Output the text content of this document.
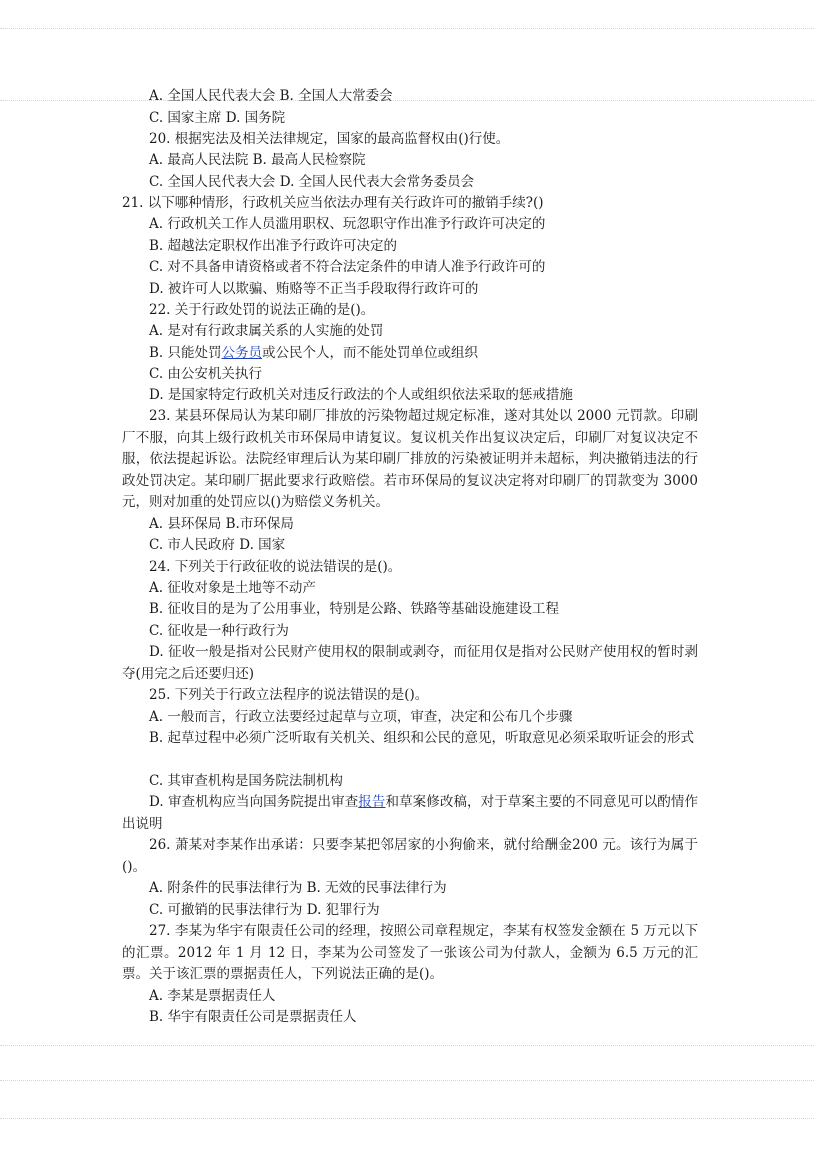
A. 全国人民代表大会 B. 全国人大常委会
C. 国家主席 D. 国务院
20. 根据宪法及相关法律规定，国家的最高监督权由()行使。
A. 最高人民法院 B. 最高人民检察院
C. 全国人民代表大会 D. 全国人民代表大会常务委员会
21. 以下哪种情形，行政机关应当依法办理有关行政许可的撤销手续?()
A. 行政机关工作人员滥用职权、玩忽职守作出准予行政许可决定的
B. 超越法定职权作出准予行政许可决定的
C. 对不具备申请资格或者不符合法定条件的申请人准予行政许可的
D. 被许可人以欺骗、贿赂等不正当手段取得行政许可的
22. 关于行政处罚的说法正确的是()。
A. 是对有行政隶属关系的人实施的处罚
B. 只能处罚公务员或公民个人，而不能处罚单位或组织
C. 由公安机关执行
D. 是国家特定行政机关对违反行政法的个人或组织依法采取的惩戒措施
23. 某县环保局认为某印刷厂排放的污染物超过规定标准，遂对其处以 2000 元罚款。印刷厂不服，向其上级行政机关市环保局申请复议。复议机关作出复议决定后，印刷厂对复议决定不服，依法提起诉讼。法院经审理后认为某印刷厂排放的污染被证明并未超标，判决撤销违法的行政处罚决定。某印刷厂据此要求行政赔偿。若市环保局的复议决定将对印刷厂的罚款变为 3000 元，则对加重的处罚应以()为赔偿义务机关。
A. 县环保局 B.市环保局
C. 市人民政府 D. 国家
24. 下列关于行政征收的说法错误的是()。
A. 征收对象是土地等不动产
B. 征收目的是为了公用事业，特别是公路、铁路等基础设施建设工程
C. 征收是一种行政行为
D. 征收一般是指对公民财产使用权的限制或剥夺，而征用仅是指对公民财产使用权的暂时剥夺(用完之后还要归还)
25. 下列关于行政立法程序的说法错误的是()。
A. 一般而言，行政立法要经过起草与立项，审查，决定和公布几个步骤
B. 起草过程中必须广泛听取有关机关、组织和公民的意见，听取意见必须采取听证会的形式
C. 其审查机构是国务院法制机构
D. 审查机构应当向国务院提出审查报告和草案修改稿，对于草案主要的不同意见可以酌情作出说明
26. 萧某对李某作出承诺：只要李某把邻居家的小狗偷来，就付给酬金200 元。该行为属于()。
A. 附条件的民事法律行为 B. 无效的民事法律行为
C. 可撤销的民事法律行为 D. 犯罪行为
27. 李某为华宇有限责任公司的经理，按照公司章程规定，李某有权签发金额在 5 万元以下的汇票。2012 年 1 月 12 日，李某为公司签发了一张该公司为付款人，金额为 6.5 万元的汇票。关于该汇票的票据责任人，下列说法正确的是()。
A. 李某是票据责任人
B. 华宇有限责任公司是票据责任人
